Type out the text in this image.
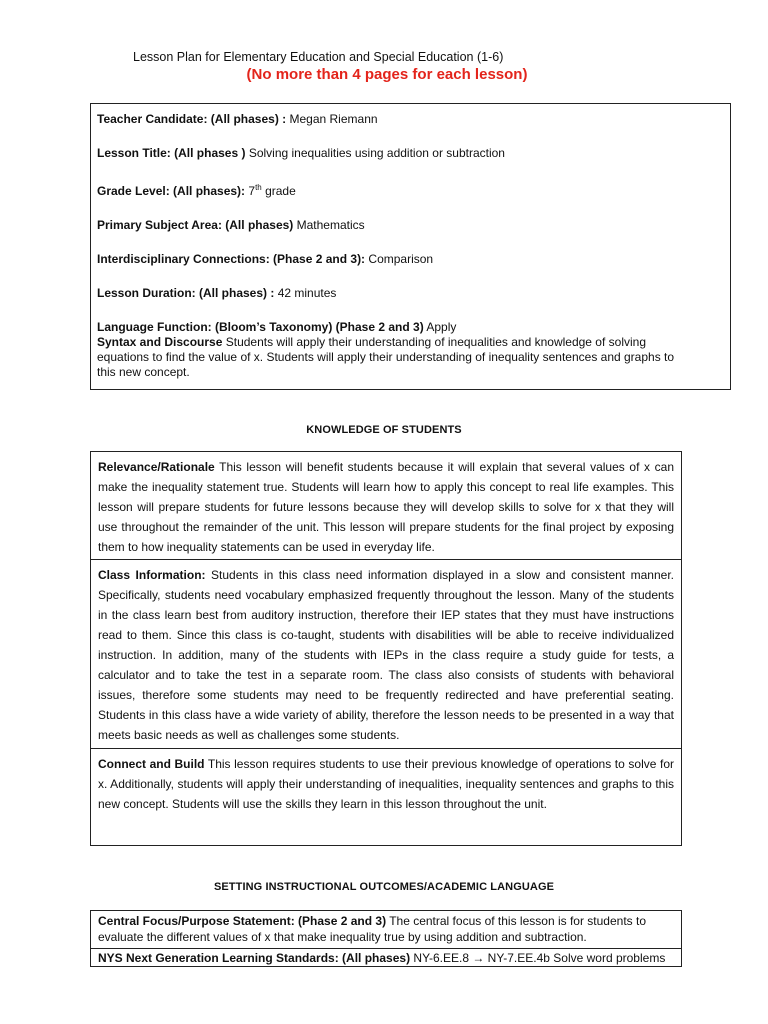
Lesson Plan for Elementary Education and Special Education (1-6)
(No more than 4 pages for each lesson)
Teacher Candidate: (All phases) : Megan Riemann
Lesson Title: (All phases ) Solving inequalities using addition or subtraction
Grade Level: (All phases): 7th grade
Primary Subject Area: (All phases) Mathematics
Interdisciplinary Connections: (Phase 2 and 3): Comparison
Lesson Duration: (All phases) : 42 minutes
Language Function: (Bloom’s Taxonomy) (Phase 2 and 3) Apply
Syntax and Discourse Students will apply their understanding of inequalities and knowledge of solving
equations to find the value of x. Students will apply their understanding of inequality sentences and graphs to
this new concept.
KNOWLEDGE OF STUDENTS
Relevance/Rationale This lesson will benefit students because it will explain that several values of x can make the inequality statement true. Students will learn how to apply this concept to real life examples. This lesson will prepare students for future lessons because they will develop skills to solve for x that they will use throughout the remainder of the unit. This lesson will prepare students for the final project by exposing them to how inequality statements can be used in everyday life.
Class Information: Students in this class need information displayed in a slow and consistent manner. Specifically, students need vocabulary emphasized frequently throughout the lesson. Many of the students in the class learn best from auditory instruction, therefore their IEP states that they must have instructions read to them. Since this class is co-taught, students with disabilities will be able to receive individualized instruction. In addition, many of the students with IEPs in the class require a study guide for tests, a calculator and to take the test in a separate room. The class also consists of students with behavioral issues, therefore some students may need to be frequently redirected and have preferential seating. Students in this class have a wide variety of ability, therefore the lesson needs to be presented in a way that meets basic needs as well as challenges some students.
Connect and Build This lesson requires students to use their previous knowledge of operations to solve for x. Additionally, students will apply their understanding of inequalities, inequality sentences and graphs to this new concept. Students will use the skills they learn in this lesson throughout the unit.
SETTING INSTRUCTIONAL OUTCOMES/ACADEMIC LANGUAGE
Central Focus/Purpose Statement: (Phase 2 and 3) The central focus of this lesson is for students to
evaluate the different values of x that make inequality true by using addition and subtraction.
NYS Next Generation Learning Standards: (All phases) NY-6.EE.8 → NY-7.EE.4b Solve word problems
